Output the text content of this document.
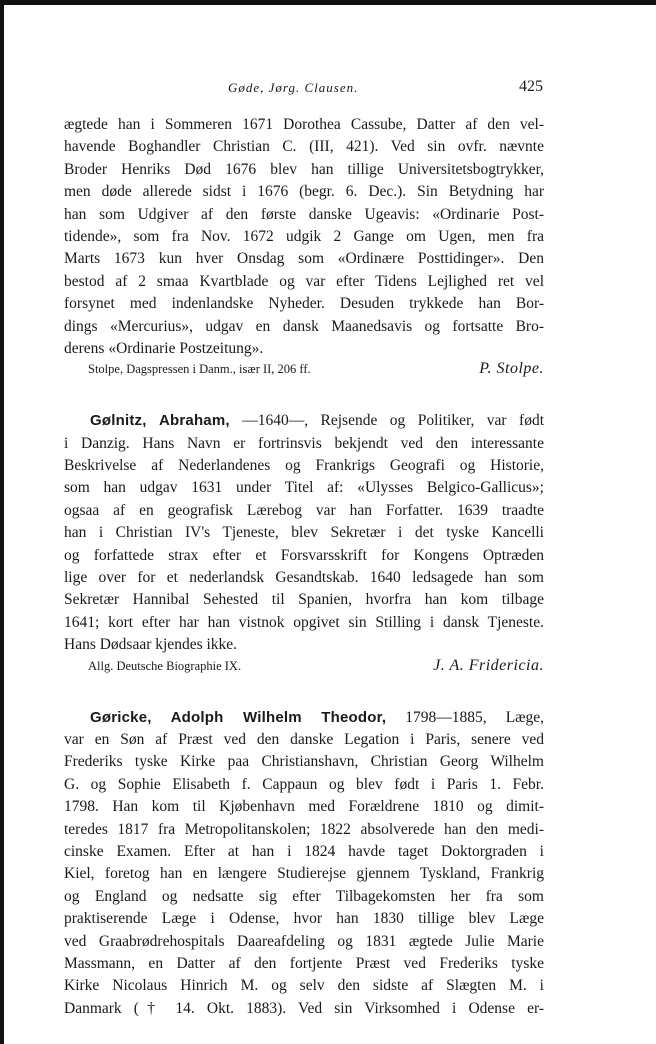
Gøde, Jørg. Clausen.	425
ægtede han i Sommeren 1671 Dorothea Cassube, Datter af den vel-
havende Boghandler Christian C. (III, 421). Ved sin ovfr. nævnte
Broder Henriks Død 1676 blev han tillige Universitetsbogtrykker,
men døde allerede sidst i 1676 (begr. 6. Dec.). Sin Betydning har
han som Udgiver af den første danske Ugeavis: «Ordinarie Post-
tidende», som fra Nov. 1672 udgik 2 Gange om Ugen, men fra
Marts 1673 kun hver Onsdag som «Ordinære Posttidinger». Den
bestod af 2 smaa Kvartblade og var efter Tidens Lejlighed ret vel
forsynet med indenlandske Nyheder. Desuden trykkede han Bor-
dings «Mercurius», udgav en dansk Maanedsavis og fortsatte Bro-
derens «Ordinarie Postzeitung».
Stolpe, Dagspressen i Danm., især II, 206 ff.	P. Stolpe.
Gølnitz, Abraham, —1640—, Rejsende og Politiker, var født
i Danzig. Hans Navn er fortrinsvis bekjendt ved den interessante
Beskrivelse af Nederlandenes og Frankrigs Geografi og Historie,
som han udgav 1631 under Titel af: «Ulysses Belgico-Gallicus»;
ogsaa af en geografisk Lærebog var han Forfatter. 1639 traadte
han i Christian IV's Tjeneste, blev Sekretær i det tyske Kancelli
og forfattede strax efter et Forsvarsskrift for Kongens Optræden
lige over for et nederlandsk Gesandtskab. 1640 ledsagede han som
Sekretær Hannibal Sehested til Spanien, hvorfra han kom tilbage
1641; kort efter har han vistnok opgivet sin Stilling i dansk Tjeneste.
Hans Dødsaar kjendes ikke.
Allg. Deutsche Biographie IX.	J. A. Fridericia.
Gøricke, Adolph Wilhelm Theodor, 1798—1885, Læge,
var en Søn af Præst ved den danske Legation i Paris, senere ved
Frederiks tyske Kirke paa Christianshavn, Christian Georg Wilhelm
G. og Sophie Elisabeth f. Cappaun og blev født i Paris 1. Febr.
1798. Han kom til Kjøbenhavn med Forældrene 1810 og dimit-
teredes 1817 fra Metropolitanskolen; 1822 absolverede han den medi-
cinske Examen. Efter at han i 1824 havde taget Doktorgraden i
Kiel, foretog han en længere Studierejse gjennem Tyskland, Frankrig
og England og nedsatte sig efter Tilbagekomsten her fra som
praktiserende Læge i Odense, hvor han 1830 tillige blev Læge
ved Graabrødrehospitals Daareafdeling og 1831 ægtede Julie Marie
Massmann, en Datter af den fortjente Præst ved Frederiks tyske
Kirke Nicolaus Hinrich M. og selv den sidste af Slægten M. i
Danmark († 14. Okt. 1883). Ved sin Virksomhed i Odense er-
